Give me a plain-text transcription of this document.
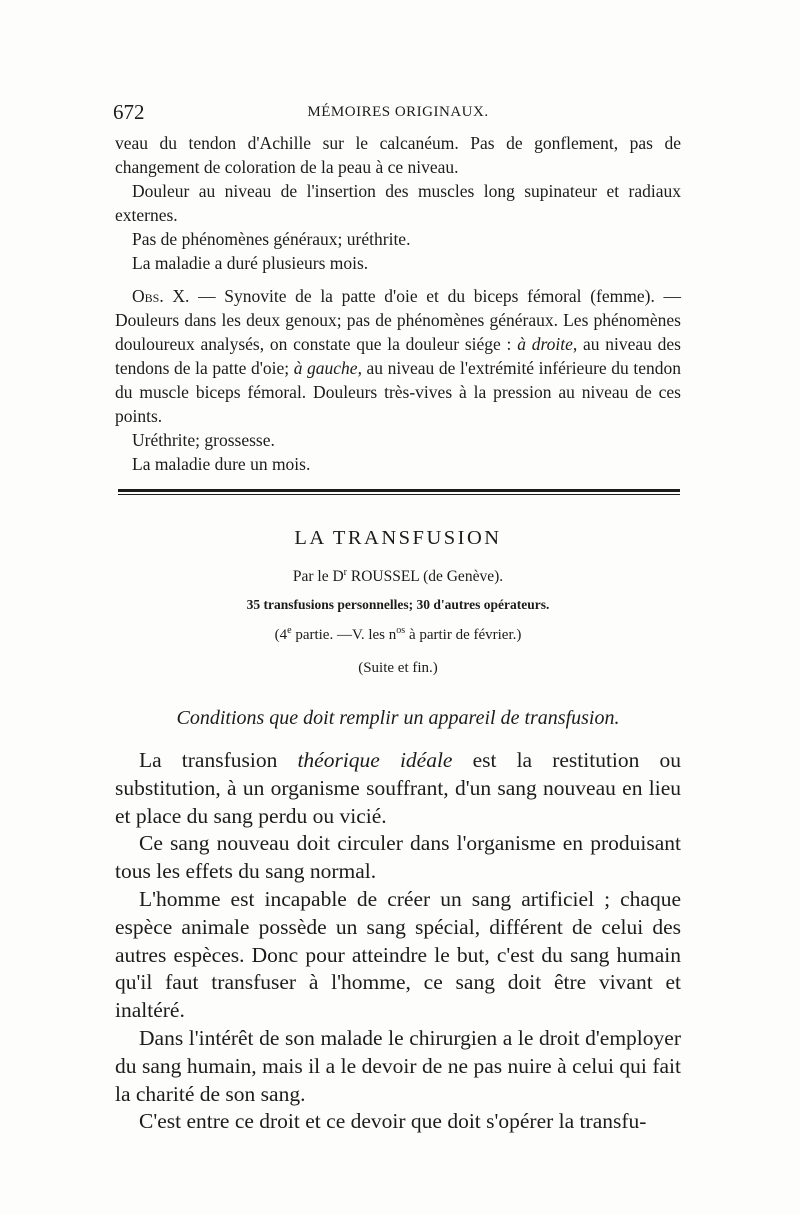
672	MÉMOIRES ORIGINAUX.

veau du tendon d'Achille sur le calcanéum. Pas de gonflement, pas de changement de coloration de la peau à ce niveau.

Douleur au niveau de l'insertion des muscles long supinateur et radiaux externes.

Pas de phénomènes généraux; uréthrite.

La maladie a duré plusieurs mois.

Obs. X. — Synovite de la patte d'oie et du biceps fémoral (femme). — Douleurs dans les deux genoux; pas de phénomènes généraux. Les phénomènes douloureux analysés, on constate que la douleur siége : à droite, au niveau des tendons de la patte d'oie; à gauche, au niveau de l'extrémité inférieure du tendon du muscle biceps fémoral. Douleurs très-vives à la pression au niveau de ces points.

Uréthrite; grossesse.

La maladie dure un mois.

LA TRANSFUSION
Par le $D^r$ ROUSSEL (de Genève).
35 transfusions personnelles; 30 d'autres opérateurs.
(4e partie. —V. les $n^{os}$ à partir de février.)
(Suite et fin.)
Conditions que doit remplir un appareil de transfusion.

La transfusion théorique idéale est la restitution ou substitution, à un organisme souffrant, d'un sang nouveau en lieu et place du sang perdu ou vicié.

Ce sang nouveau doit circuler dans l'organisme en produisant tous les effets du sang normal.

L'homme est incapable de créer un sang artificiel ; chaque espèce animale possède un sang spécial, différent de celui des autres espèces. Donc pour atteindre le but, c'est du sang humain qu'il faut transfuser à l'homme, ce sang doit être vivant et inaltéré.

Dans l'intérêt de son malade le chirurgien a le droit d'employer du sang humain, mais il a le devoir de ne pas nuire à celui qui fait la charité de son sang.

C'est entre ce droit et ce devoir que doit s'opérer la transfu-
